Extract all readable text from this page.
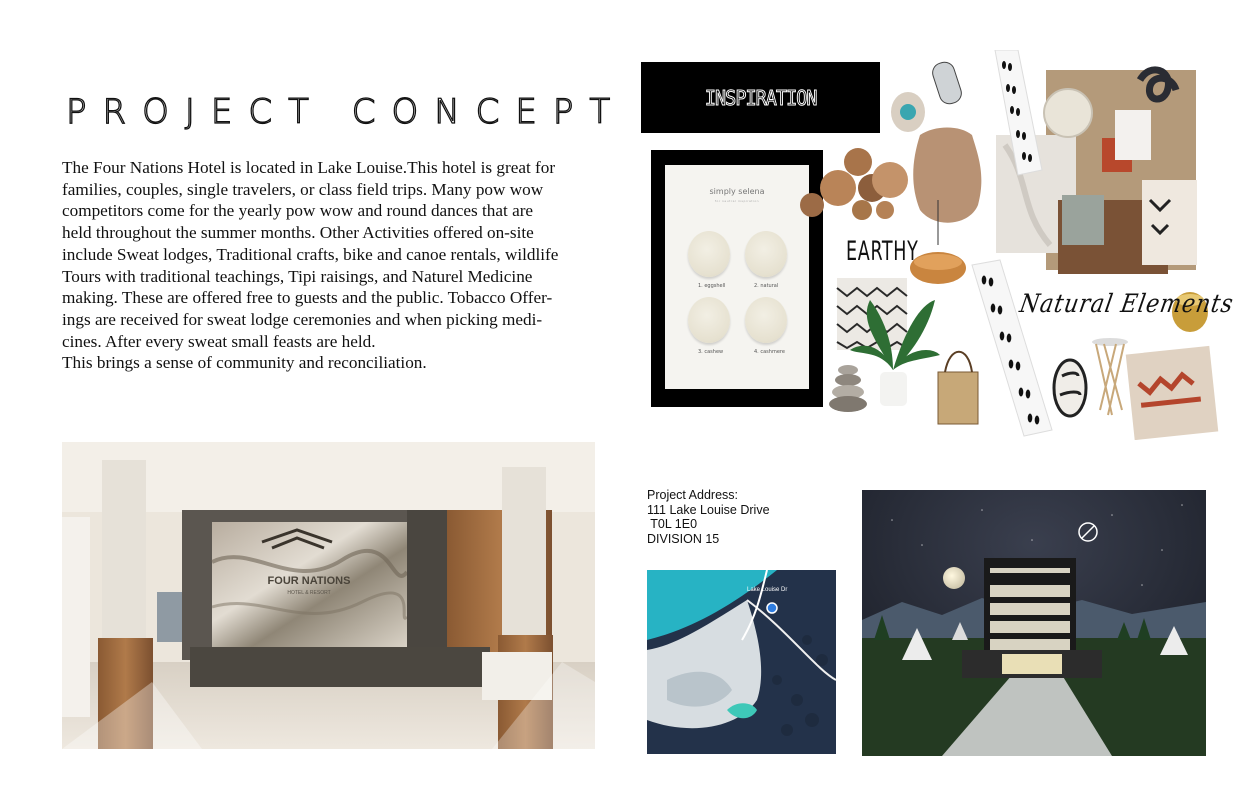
PROJECT CONCEPT

The Four Nations Hotel is located in Lake Louise.This hotel is great for

families, couples, single travelers, or class field trips. Many pow wow

competitors come for the yearly pow wow and round dances that are

held throughout the summer months. Other Activities offered on-site

include Sweat lodges, Traditional crafts, bike and canoe rentals, wildlife

Tours with traditional teachings, Tipi raisings, and Naturel Medicine

making. These are offered free to guests and the public. Tobacco Offer-

ings are received for sweat lodge ceremonies and when picking medi-

cines. After every sweat small feasts are held.

This brings a sense of community and reconciliation.

FOUR NATIONS
HOTEL & RESORT
INSPIRATION
simply selena
for neutral inspiration
1. eggshell	2. natural
3. cashew	4. cashmere
EARTHY
Natural Elements
Project Address:
111 Lake Louise Drive
T0L 1E0
DIVISION 15
Lake Louise Dr
